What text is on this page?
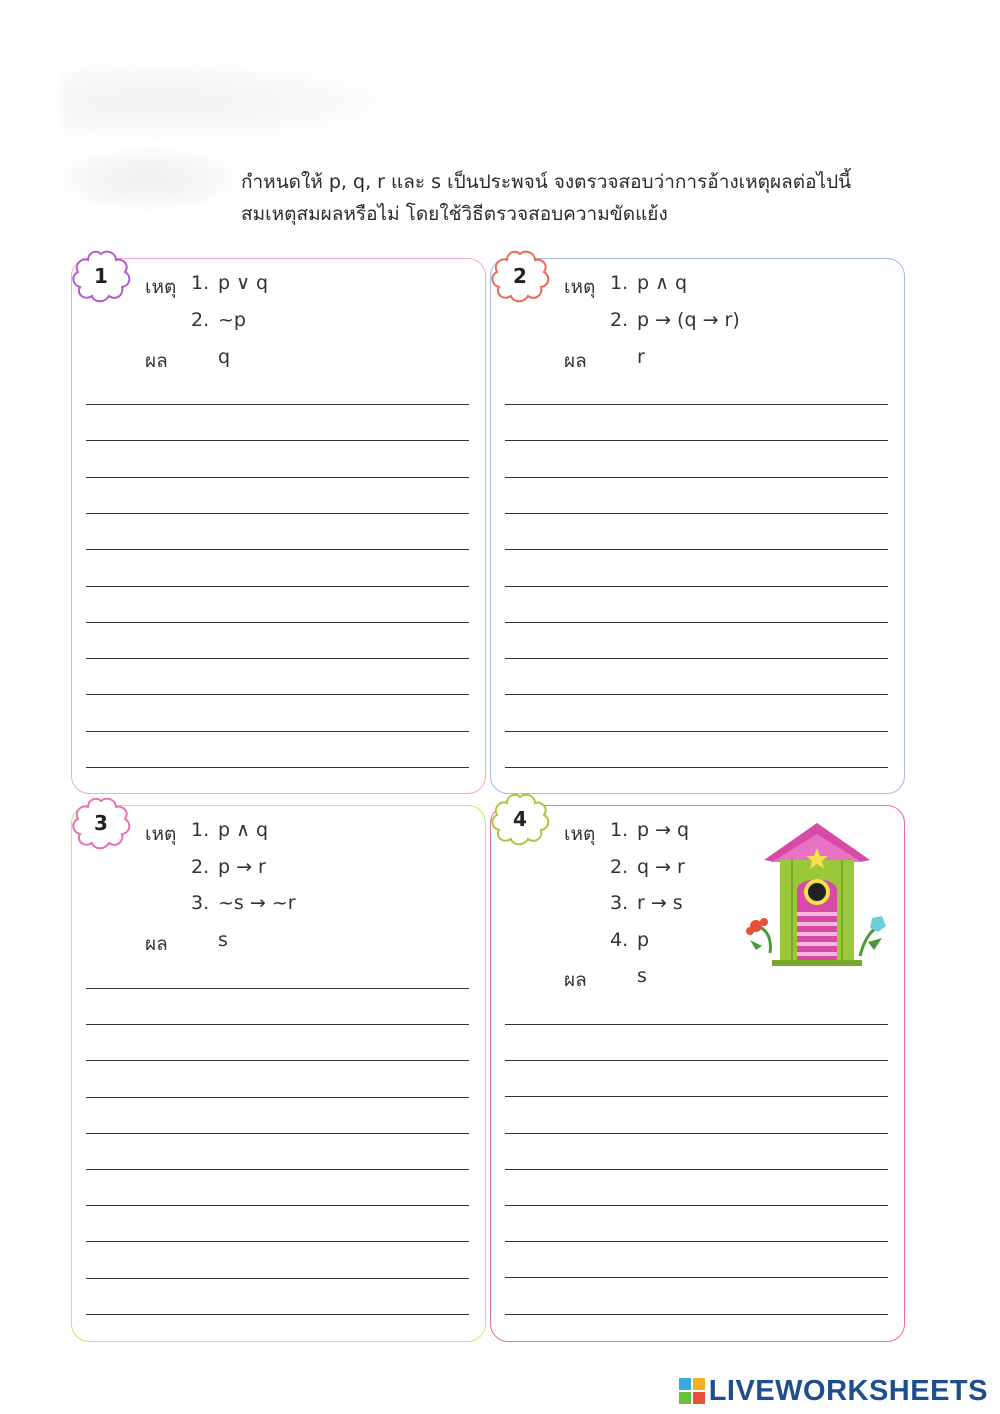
กำหนดให้ p, q, r และ s เป็นประพจน์ จงตรวจสอบว่าการอ้างเหตุผลต่อไปนี้
สมเหตุสมผลหรือไม่ โดยใช้วิธีตรวจสอบความขัดแย้ง
1	เหตุ 1. p ∨ q
2. ~p
ผล	q
2	เหตุ 1. p ∧ q
2. p → (q → r)
ผล	r
3	เหตุ 1. p ∧ q
2. p → r
3. ~s → ~r
ผล	s
4
เหตุ 1. p → q
2. q → r
3. r → s
4. p
ผล	s
LIVEWORKSHEETS
